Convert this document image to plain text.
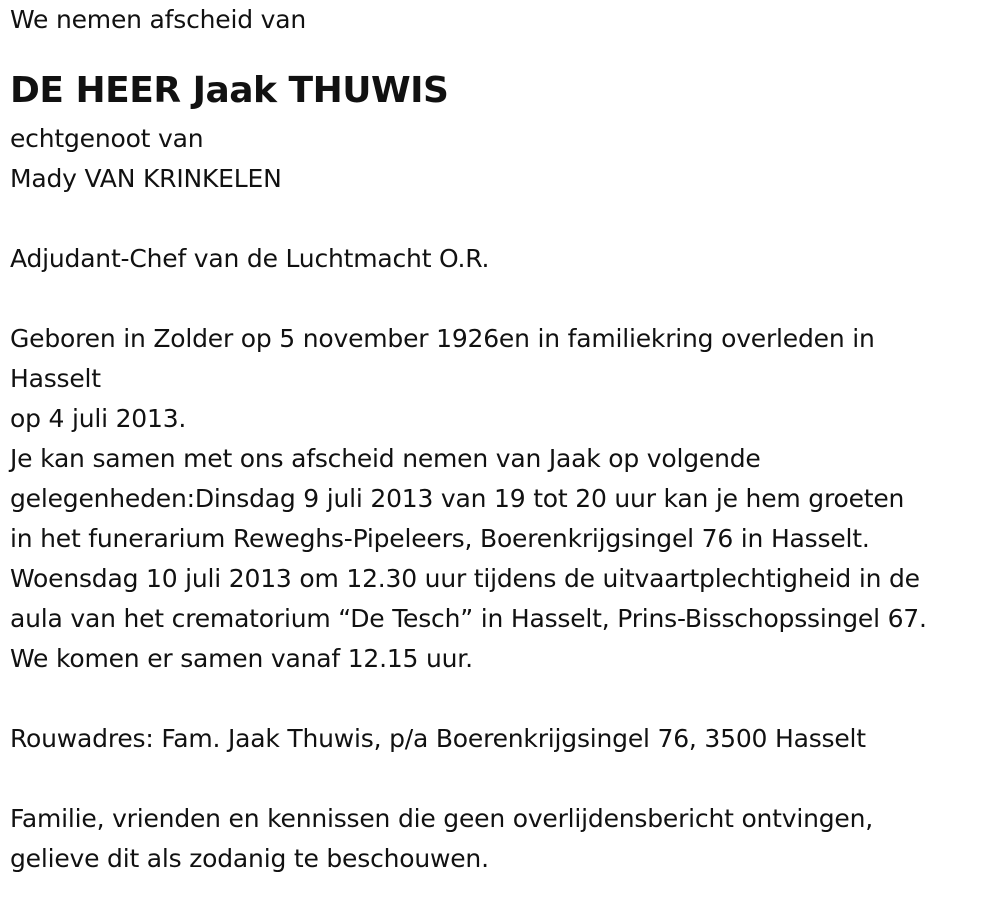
We nemen afscheid van
DE HEER Jaak THUWIS
echtgenoot van
Mady VAN KRINKELEN
Adjudant-Chef van de Luchtmacht O.R.
Geboren in Zolder op 5 november 1926en in familiekring overleden in
Hasselt
op 4 juli 2013.
Je kan samen met ons afscheid nemen van Jaak op volgende
gelegenheden:Dinsdag 9 juli 2013 van 19 tot 20 uur kan je hem groeten
in het funerarium Reweghs-Pipeleers, Boerenkrijgsingel 76 in Hasselt.
Woensdag 10 juli 2013 om 12.30 uur tijdens de uitvaartplechtigheid in de
aula van het crematorium “De Tesch” in Hasselt, Prins-Bisschopssingel 67.
We komen er samen vanaf 12.15 uur.
Rouwadres: Fam. Jaak Thuwis, p/a Boerenkrijgsingel 76, 3500 Hasselt
Familie, vrienden en kennissen die geen overlijdensbericht ontvingen,
gelieve dit als zodanig te beschouwen.
